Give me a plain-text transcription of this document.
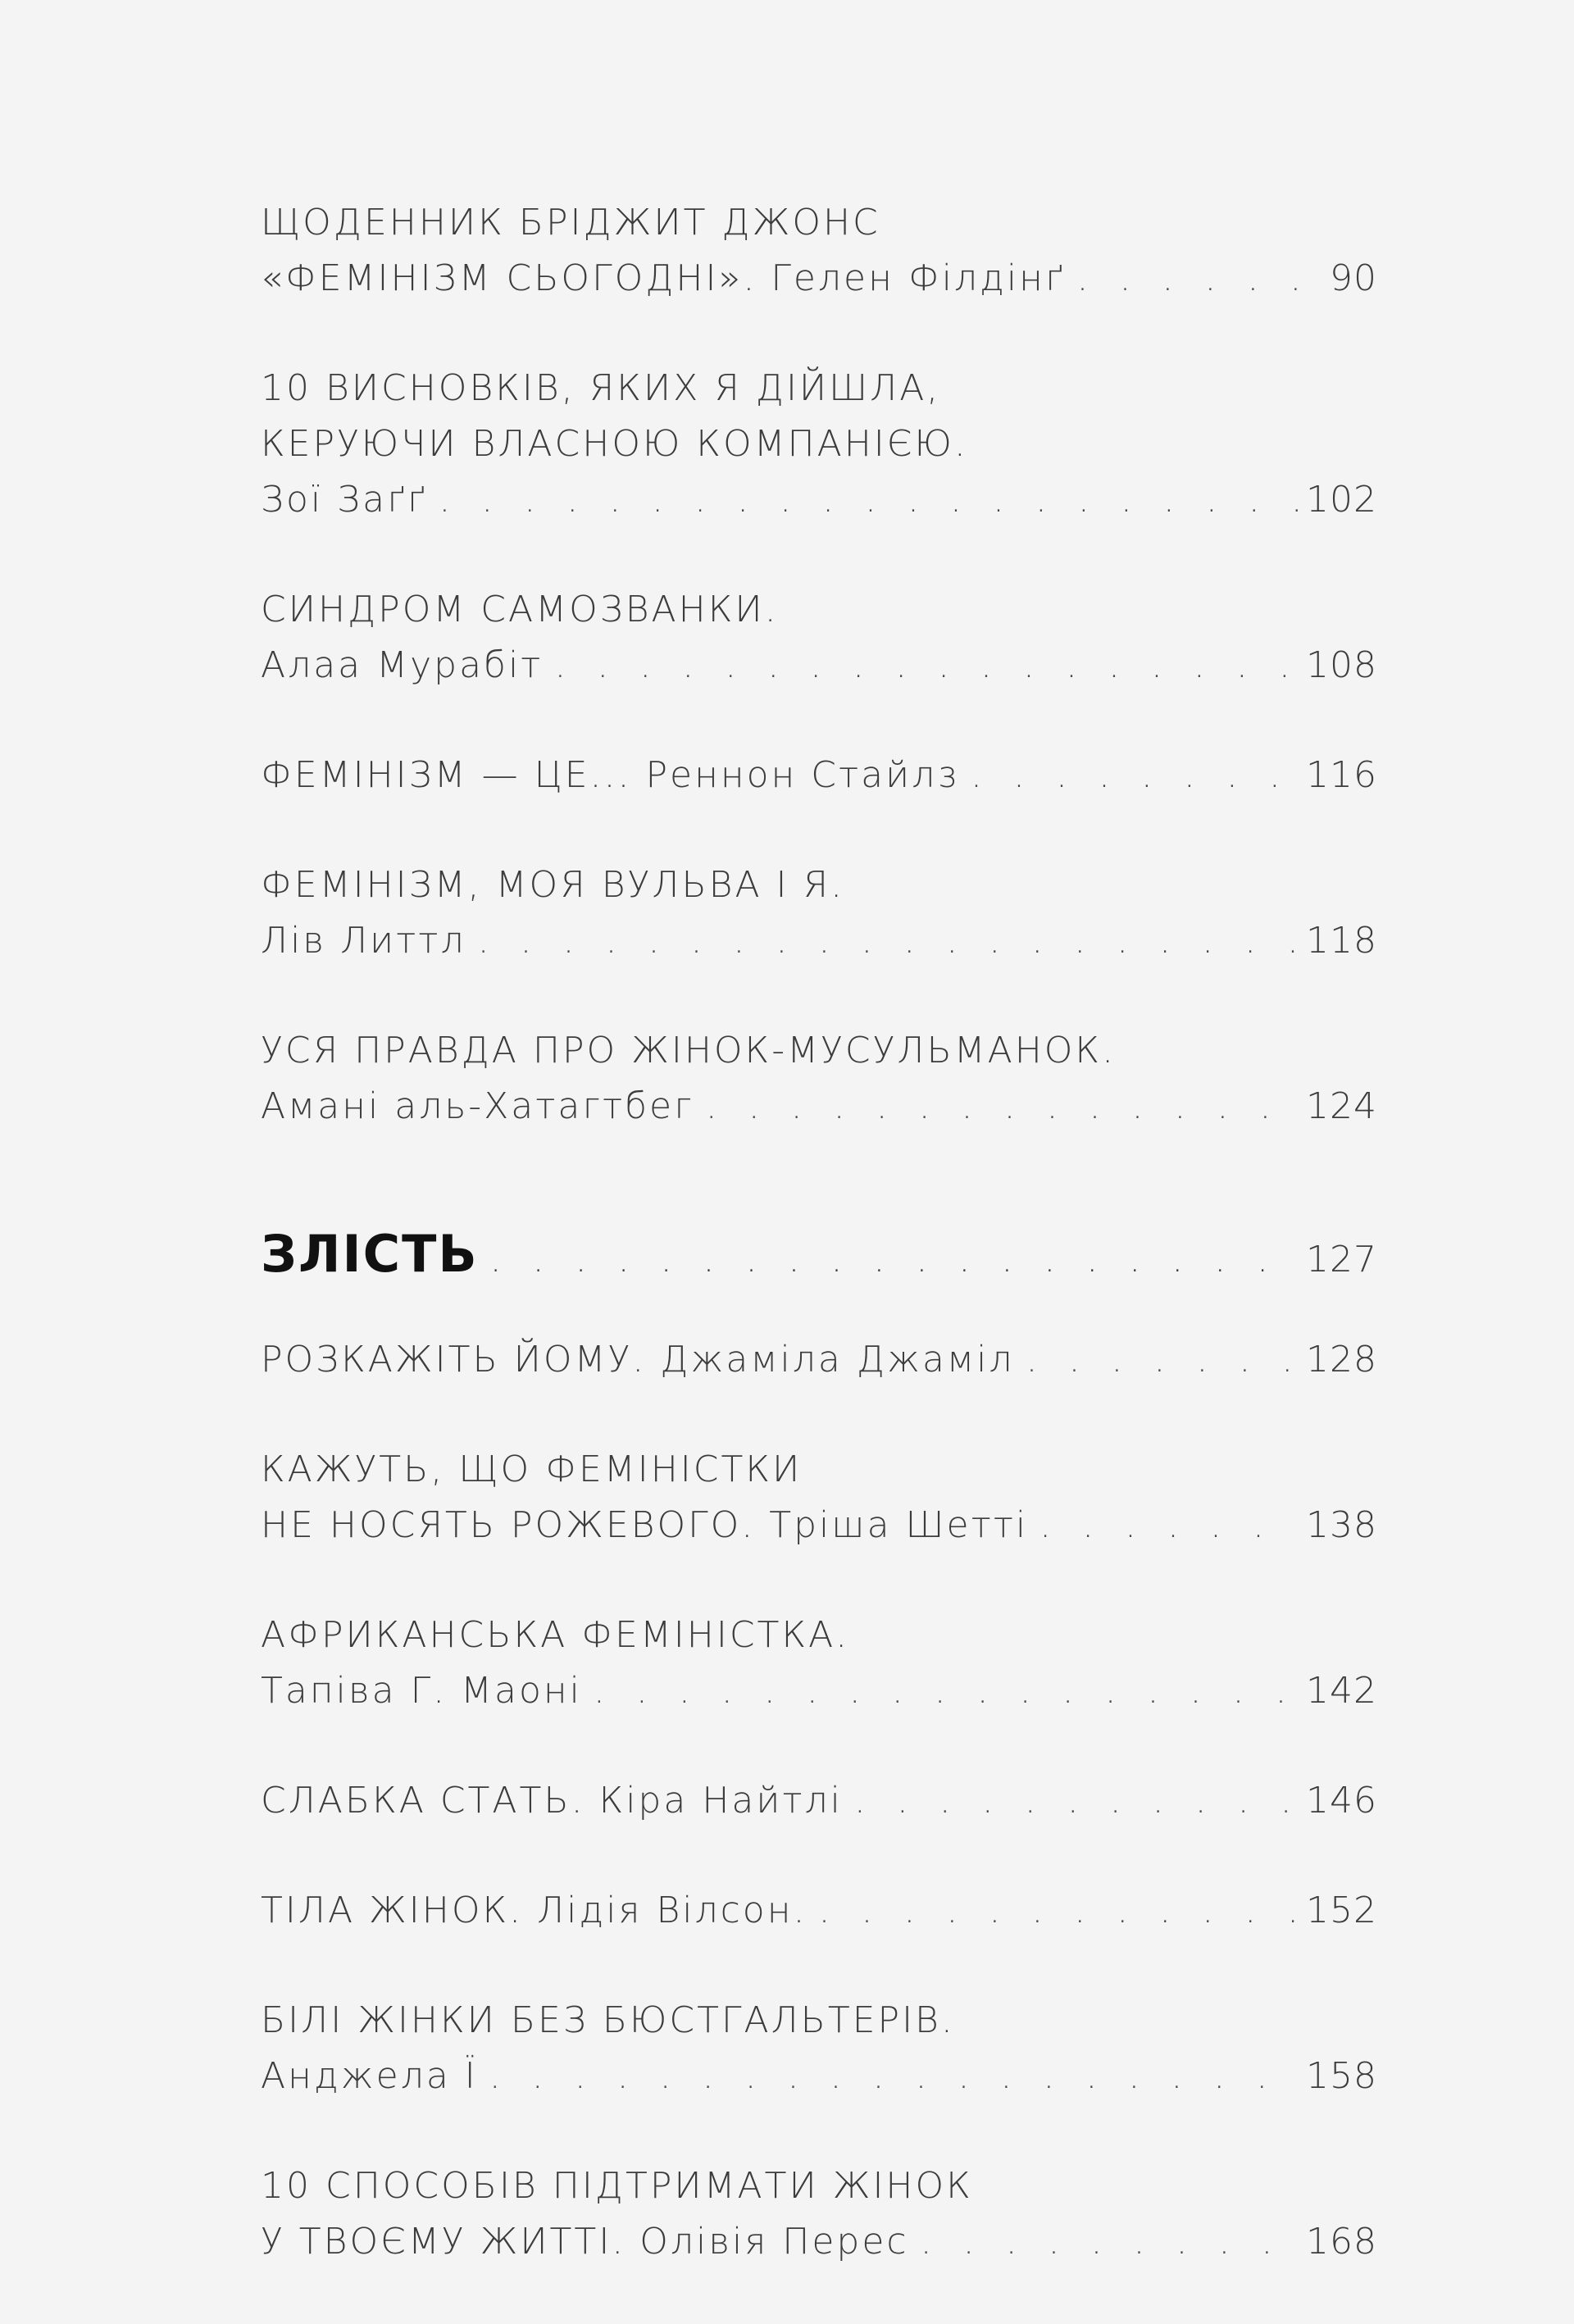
ЩОДЕННИК БРІДЖИТ ДЖОНС
«ФЕМІНІЗМ СЬОГОДНІ». Гелен Філдінґ . . .	90
10 ВИСНОВКІВ, ЯКИХ Я ДІЙШЛА,
КЕРУЮЧИ ВЛАСНОЮ КОМПАНІЄЮ.
Зої Заґґ . . .	102
СИНДРОМ САМОЗВАНКИ.
Алаа Мурабіт . . .	108
ФЕМІНІЗМ — ЦЕ... Реннон Стайлз . . .	116
ФЕМІНІЗМ, МОЯ ВУЛЬВА І Я.
Лів Литтл . . .	118
УСЯ ПРАВДА ПРО ЖІНОК-МУСУЛЬМАНОК.
Амані аль-Хатагтбег . . .	124
ЗЛІСТЬ . . .	127
РОЗКАЖІТЬ ЙОМУ. Джаміла Джаміл . . .	128
КАЖУТЬ, ЩО ФЕМІНІСТКИ
НЕ НОСЯТЬ РОЖЕВОГО. Тріша Шетті . . .	138
АФРИКАНСЬКА ФЕМІНІСТКА.
Тапіва Г. Маоні . . .	142
СЛАБКА СТАТЬ. Кіра Найтлі . . .	146
ТІЛА ЖІНОК. Лідія Вілсон. . . .	152
БІЛІ ЖІНКИ БЕЗ БЮСТГАЛЬТЕРІВ.
Анджела Ї . . .	158
10 СПОСОБІВ ПІДТРИМАТИ ЖІНОК
У ТВОЄМУ ЖИТТІ. Олівія Перес . . .	168
